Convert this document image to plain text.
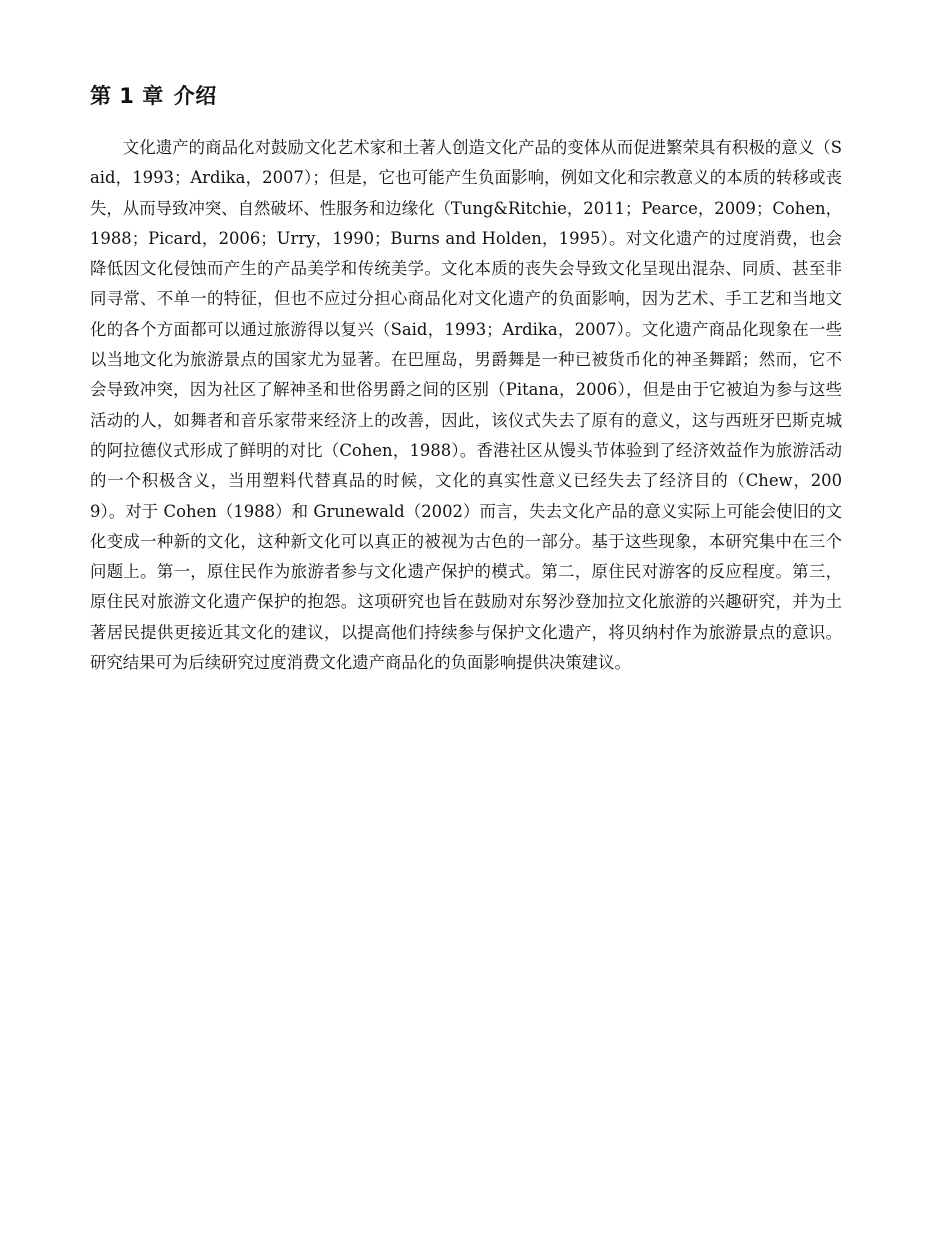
第 1 章 介绍

文化遗产的商品化对鼓励文化艺术家和土著人创造文化产品的变体从而促进繁荣具有积极的意义（Said，1993；Ardika，2007）；但是，它也可能产生负面影响，例如文化和宗教意义的本质的转移或丧失，从而导致冲突、自然破坏、性服务和边缘化（Tung&Ritchie，2011；Pearce，2009；Cohen，1988；Picard，2006；Urry，1990；Burns and Holden，1995）。对文化遗产的过度消费，也会降低因文化侵蚀而产生的产品美学和传统美学。文化本质的丧失会导致文化呈现出混杂、同质、甚至非同寻常、不单一的特征，但也不应过分担心商品化对文化遗产的负面影响，因为艺术、手工艺和当地文化的各个方面都可以通过旅游得以复兴（Said，1993；Ardika，2007）。文化遗产商品化现象在一些以当地文化为旅游景点的国家尤为显著。在巴厘岛，男爵舞是一种已被货币化的神圣舞蹈；然而，它不会导致冲突，因为社区了解神圣和世俗男爵之间的区别（Pitana，2006），但是由于它被迫为参与这些活动的人，如舞者和音乐家带来经济上的改善，因此，该仪式失去了原有的意义，这与西班牙巴斯克城的阿拉德仪式形成了鲜明的对比（Cohen，1988）。香港社区从馒头节体验到了经济效益作为旅游活动的一个积极含义，当用塑料代替真品的时候，文化的真实性意义已经失去了经济目的（Chew，2009）。对于 Cohen（1988）和 Grunewald（2002）而言，失去文化产品的意义实际上可能会使旧的文化变成一种新的文化，这种新文化可以真正的被视为古色的一部分。基于这些现象，本研究集中在三个问题上。第一，原住民作为旅游者参与文化遗产保护的模式。第二，原住民对游客的反应程度。第三，原住民对旅游文化遗产保护的抱怨。这项研究也旨在鼓励对东努沙登加拉文化旅游的兴趣研究，并为土著居民提供更接近其文化的建议，以提高他们持续参与保护文化遗产，将贝纳村作为旅游景点的意识。研究结果可为后续研究过度消费文化遗产商品化的负面影响提供决策建议。
